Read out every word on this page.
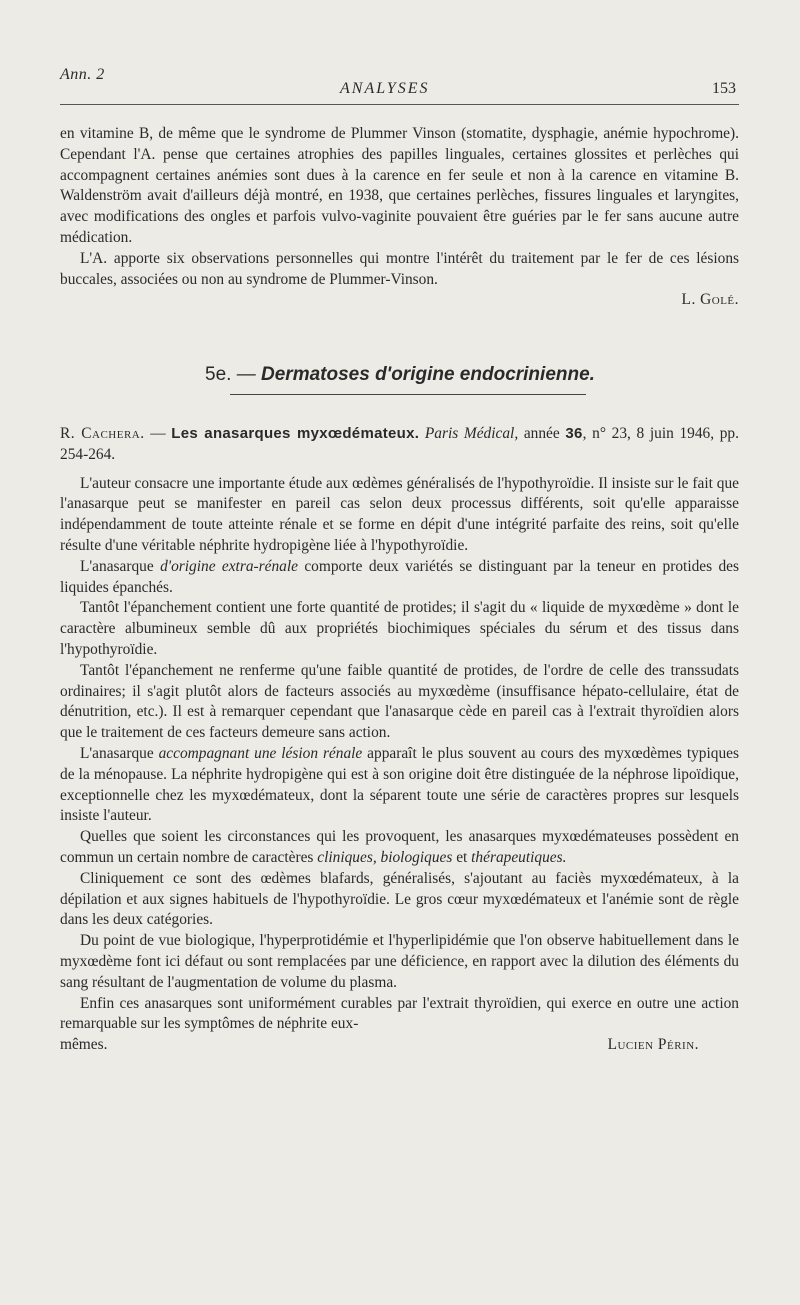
Ann. 2
ANALYSES	153

en vitamine B, de même que le syndrome de Plummer Vinson (stomatite, dysphagie, anémie hypochrome). Cependant l'A. pense que certaines atrophies des papilles linguales, certaines glossites et perlèches qui accompagnent certaines anémies sont dues à la carence en fer seule et non à la carence en vitamine B. Waldenström avait d'ailleurs déjà montré, en 1938, que certaines perlèches, fissures linguales et laryngites, avec modifications des ongles et parfois vulvo-vaginite pouvaient être guéries par le fer sans aucune autre médication.

L'A. apporte six observations personnelles qui montre l'intérêt du traitement par le fer de ces lésions buccales, associées ou non au syndrome de Plummer-Vinson.

L. Golé.

5e. — Dermatoses d'origine endocrinienne.

R. Cachera. — Les anasarques myxœdémateux. Paris Médical, année 36, n° 23, 8 juin 1946, pp. 254-264.

L'auteur consacre une importante étude aux œdèmes généralisés de l'hypothyroïdie. Il insiste sur le fait que l'anasarque peut se manifester en pareil cas selon deux processus différents, soit qu'elle apparaisse indépendamment de toute atteinte rénale et se forme en dépit d'une intégrité parfaite des reins, soit qu'elle résulte d'une véritable néphrite hydropigène liée à l'hypothyroïdie.

L'anasarque d'origine extra-rénale comporte deux variétés se distinguant par la teneur en protides des liquides épanchés.

Tantôt l'épanchement contient une forte quantité de protides; il s'agit du « liquide de myxœdème » dont le caractère albumineux semble dû aux propriétés biochimiques spéciales du sérum et des tissus dans l'hypothyroïdie.

Tantôt l'épanchement ne renferme qu'une faible quantité de protides, de l'ordre de celle des transsudats ordinaires; il s'agit plutôt alors de facteurs associés au myxœdème (insuffisance hépato-cellulaire, état de dénutrition, etc.). Il est à remarquer cependant que l'anasarque cède en pareil cas à l'extrait thyroïdien alors que le traitement de ces facteurs demeure sans action.

L'anasarque accompagnant une lésion rénale apparaît le plus souvent au cours des myxœdèmes typiques de la ménopause. La néphrite hydropigène qui est à son origine doit être distinguée de la néphrose lipoïdique, exceptionnelle chez les myxœdémateux, dont la séparent toute une série de caractères propres sur lesquels insiste l'auteur.

Quelles que soient les circonstances qui les provoquent, les anasarques myxœdémateuses possèdent en commun un certain nombre de caractères cliniques, biologiques et thérapeutiques.

Cliniquement ce sont des œdèmes blafards, généralisés, s'ajoutant au faciès myxœdémateux, à la dépilation et aux signes habituels de l'hypothyroïdie. Le gros cœur myxœdémateux et l'anémie sont de règle dans les deux catégories.

Du point de vue biologique, l'hyperprotidémie et l'hyperlipidémie que l'on observe habituellement dans le myxœdème font ici défaut ou sont remplacées par une déficience, en rapport avec la dilution des éléments du sang résultant de l'augmentation de volume du plasma.

Enfin ces anasarques sont uniformément curables par l'extrait thyroïdien, qui exerce en outre une action remarquable sur les symptômes de néphrite eux-

mêmes.	Lucien Périn.
